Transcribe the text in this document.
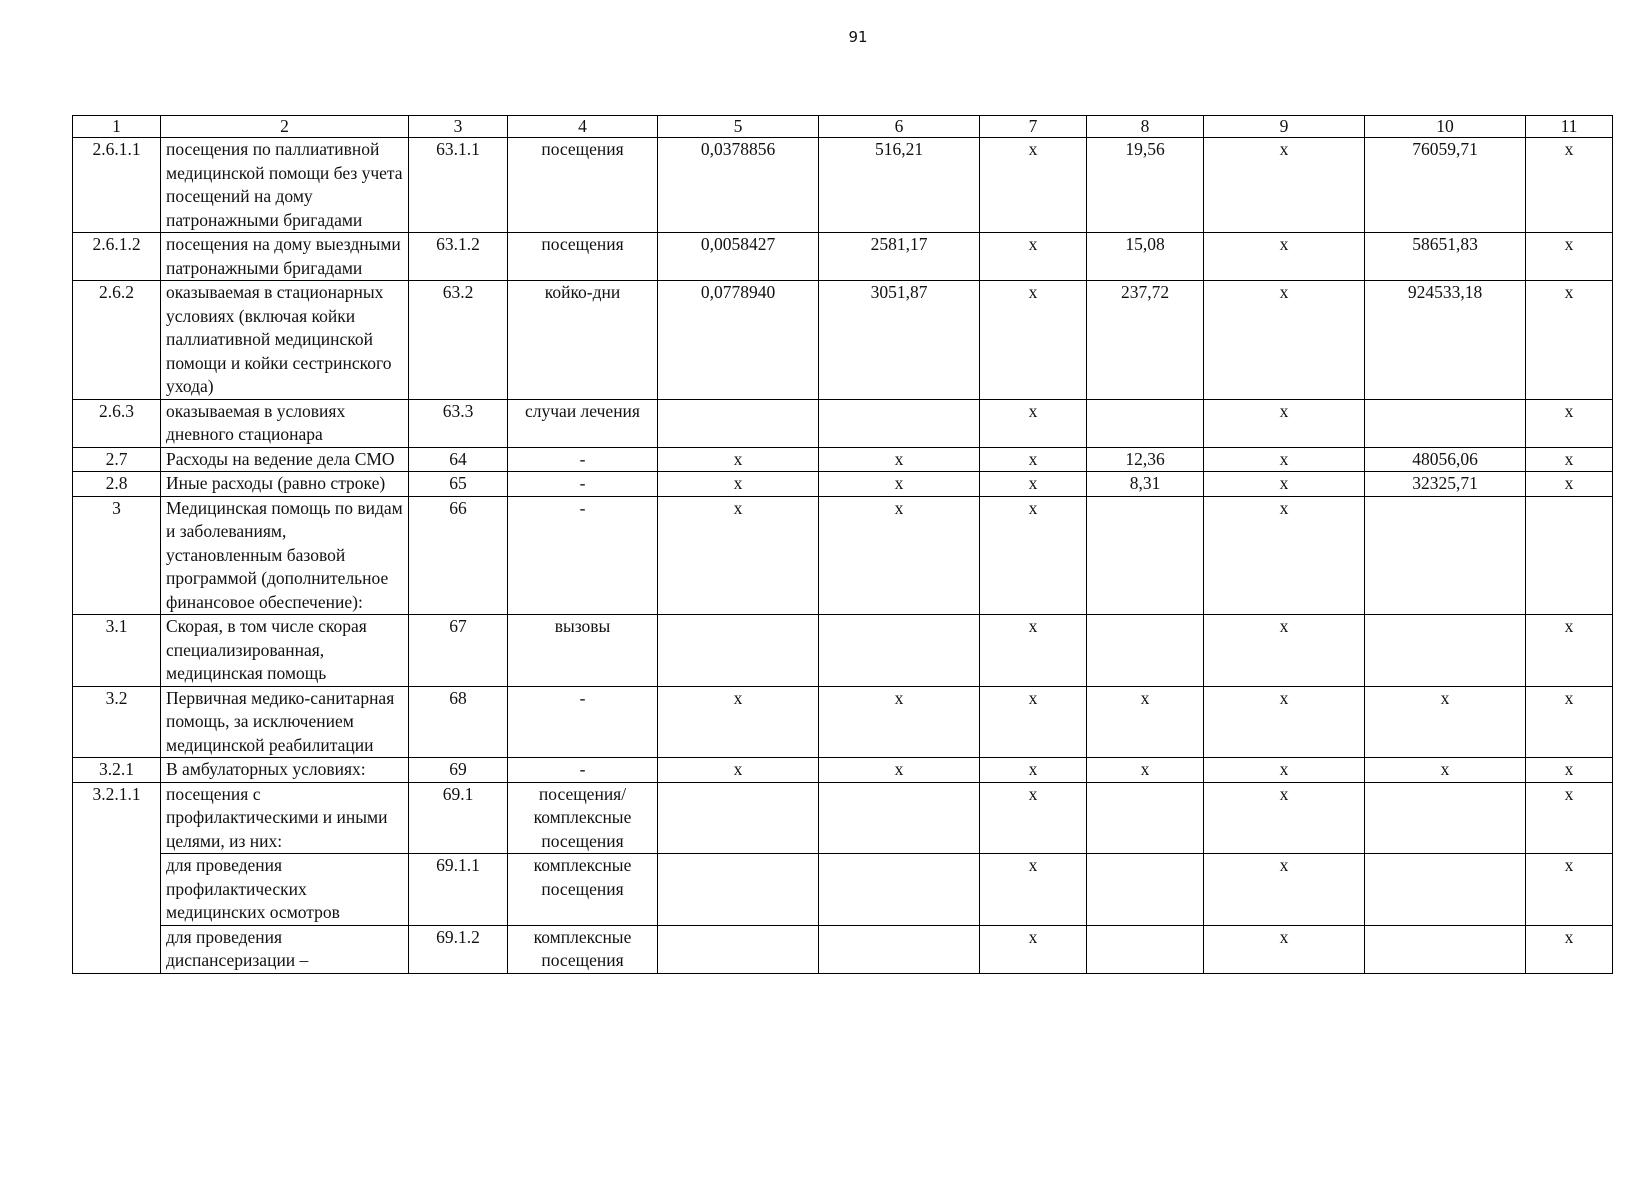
91
1	2	3	4	5	6	7	8	9	10	11
2.6.1.1	посещения по паллиативной медицинской помощи без учета посещений на дому патронажными бригадами	63.1.1	посещения	0,0378856	516,21	х	19,56	х	76059,71	х
2.6.1.2	посещения на дому выездными патронажными бригадами	63.1.2	посещения	0,0058427	2581,17	х	15,08	х	58651,83	х
2.6.2	оказываемая в стационарных условиях (включая койки паллиативной медицинской помощи и койки сестринского ухода)	63.2	койко-дни	0,0778940	3051,87	х	237,72	х	924533,18	х
2.6.3	оказываемая в условиях дневного стационара	63.3	случаи лечения			х		х		х
2.7	Расходы на ведение дела СМО	64	-	х	х	х	12,36	х	48056,06	х
2.8	Иные расходы (равно строке)	65	-	х	х	х	8,31	х	32325,71	х
3	Медицинская помощь по видам и заболеваниям, установленным базовой программой (дополнительное финансовое обеспечение):	66	-	х	х	х		х		
3.1	Скорая, в том числе скорая специализированная, медицинская помощь	67	вызовы			х		х		х
3.2	Первичная медико-санитарная помощь, за исключением медицинской реабилитации	68	-	х	х	х	х	х	х	х
3.2.1	В амбулаторных условиях:	69	-	х	х	х	х	х	х	х
3.2.1.1	посещения с профилактическими и иными целями, из них:	69.1	посещения/ комплексные посещения			х		х		х
	для проведения профилактических медицинских осмотров	69.1.1	комплексные посещения			х		х		х
	для проведения диспансеризации –	69.1.2	комплексные посещения			х		х		х
